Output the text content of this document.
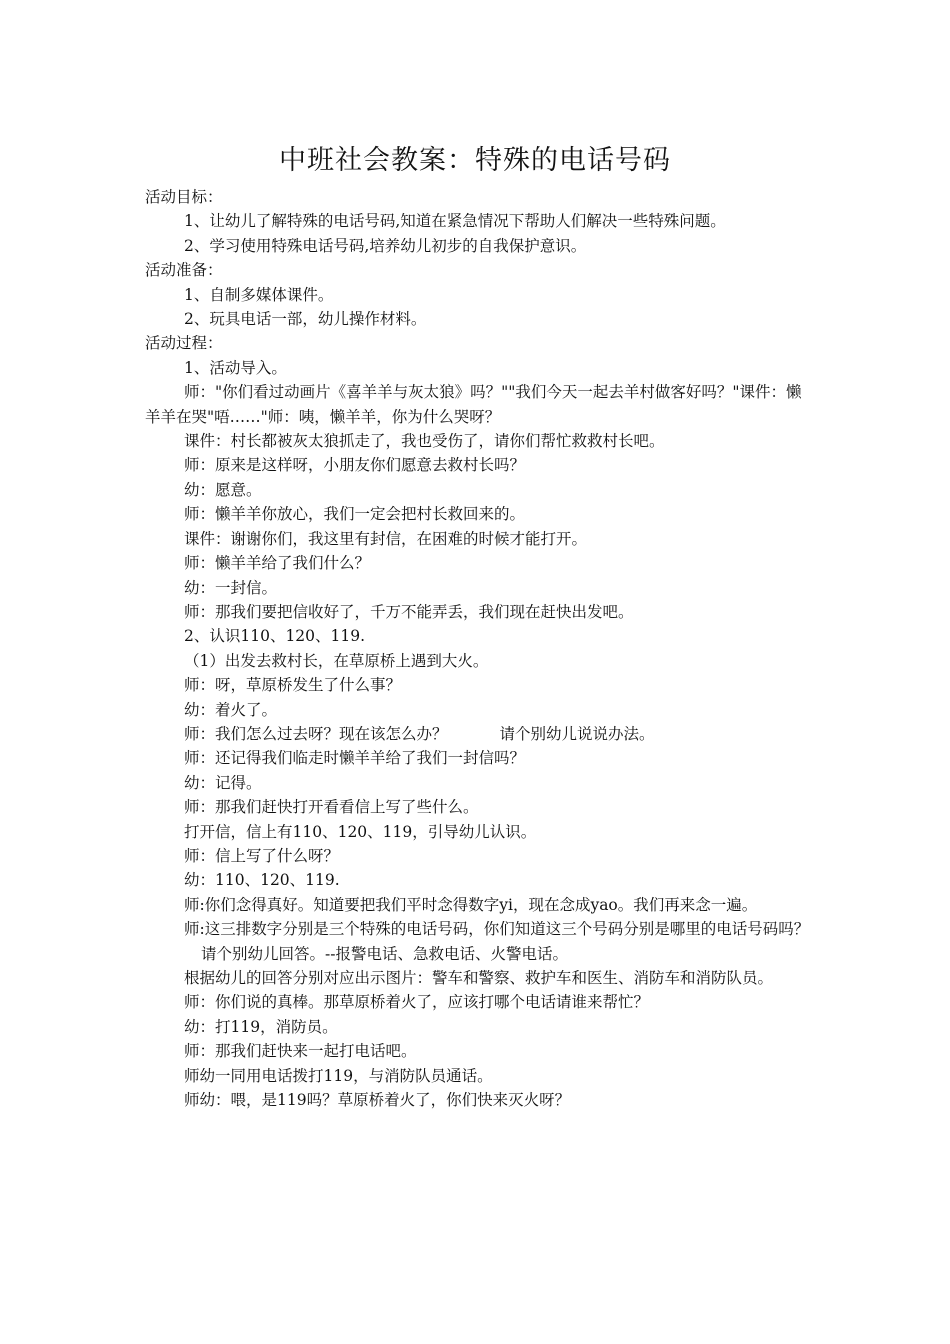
中班社会教案：特殊的电话号码

活动目标：

1、让幼儿了解特殊的电话号码,知道在紧急情况下帮助人们解决一些特殊问题。

2、学习使用特殊电话号码,培养幼儿初步的自我保护意识。

活动准备：

1、自制多媒体课件。

2、玩具电话一部，幼儿操作材料。

活动过程：

1、活动导入。

师："你们看过动画片《喜羊羊与灰太狼》吗？""我们今天一起去羊村做客好吗？"课件：懒羊羊在哭"唔……"师：咦，懒羊羊，你为什么哭呀？

课件：村长都被灰太狼抓走了，我也受伤了，请你们帮忙救救村长吧。

师：原来是这样呀，小朋友你们愿意去救村长吗？

幼：愿意。

师：懒羊羊你放心，我们一定会把村长救回来的。

课件：谢谢你们，我这里有封信，在困难的时候才能打开。

师：懒羊羊给了我们什么？

幼：一封信。

师：那我们要把信收好了，千万不能弄丢，我们现在赶快出发吧。

2、认识110、120、119.

（1）出发去救村长，在草原桥上遇到大火。

师：呀，草原桥发生了什么事？

幼：着火了。

师：我们怎么过去呀？现在该怎么办？	请个别幼儿说说办法。

师：还记得我们临走时懒羊羊给了我们一封信吗？

幼：记得。

师：那我们赶快打开看看信上写了些什么。

打开信，信上有110、120、119，引导幼儿认识。

师：信上写了什么呀？

幼：110、120、119.

师:你们念得真好。知道要把我们平时念得数字yi，现在念成yao。我们再来念一遍。

师:这三排数字分别是三个特殊的电话号码，你们知道这三个号码分别是哪里的电话号码吗？请个别幼儿回答。--报警电话、急救电话、火警电话。

根据幼儿的回答分别对应出示图片：警车和警察、救护车和医生、消防车和消防队员。

师：你们说的真棒。那草原桥着火了，应该打哪个电话请谁来帮忙？

幼：打119，消防员。

师：那我们赶快来一起打电话吧。

师幼一同用电话拨打119，与消防队员通话。

师幼：喂，是119吗？草原桥着火了，你们快来灭火呀？
